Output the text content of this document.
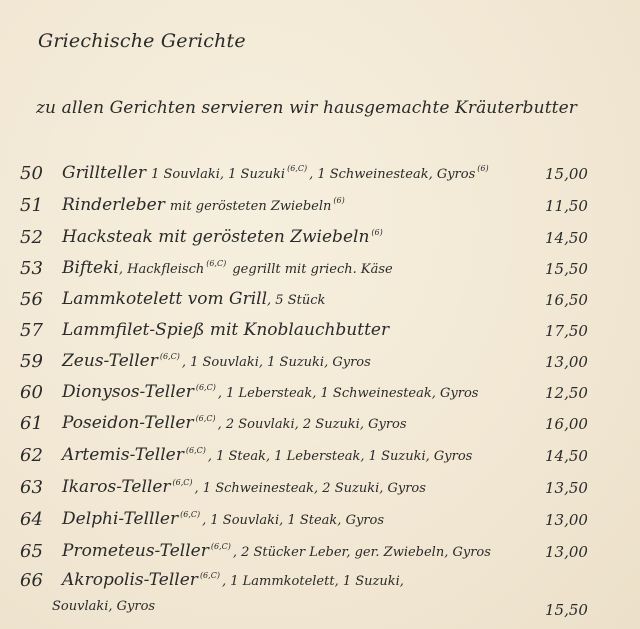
Griechische Gerichte
zu allen Gerichten servieren wir hausgemachte Kräuterbutter
50 Grillteller 1 Souvlaki, 1 Suzuki $^{(6,C)}$ , 1 Schweinesteak, Gyros $^{(6)}$	15,00
51 Rinderleber mit gerösteten Zwiebeln $^{(6)}$	11,50
52 Hacksteak mit gerösteten Zwiebeln $^{(6)}$	14,50
53 Bifteki, Hackfleisch $^{(6,C)}$ gegrillt mit griech. Käse	15,50
56 Lammkotelett vom Grill, 5 Stück	16,50
57 Lammfilet-Spieß mit Knoblauchbutter	17,50
59 Zeus-Teller $^{(6,C)}$ , 1 Souvlaki, 1 Suzuki, Gyros	13,00
60 Dionysos-Teller $^{(6,C)}$ , 1 Lebersteak, 1 Schweinesteak, Gyros	12,50
61 Poseidon-Teller $^{(6,C)}$ , 2 Souvlaki, 2 Suzuki, Gyros	16,00
62 Artemis-Teller $^{(6,C)}$ , 1 Steak, 1 Lebersteak, 1 Suzuki, Gyros	14,50
63 Ikaros-Teller $^{(6,C)}$ , 1 Schweinesteak, 2 Suzuki, Gyros	13,50
64 Delphi-Telller $^{(6,C)}$ , 1 Souvlaki, 1 Steak, Gyros	13,00
65 Prometeus-Teller $^{(6,C)}$ , 2 Stücker Leber, ger. Zwiebeln, Gyros	13,00
66 Akropolis-Teller $^{(6,C)}$ , 1 Lammkotelett, 1 Suzuki,
Souvlaki, Gyros	15,50
